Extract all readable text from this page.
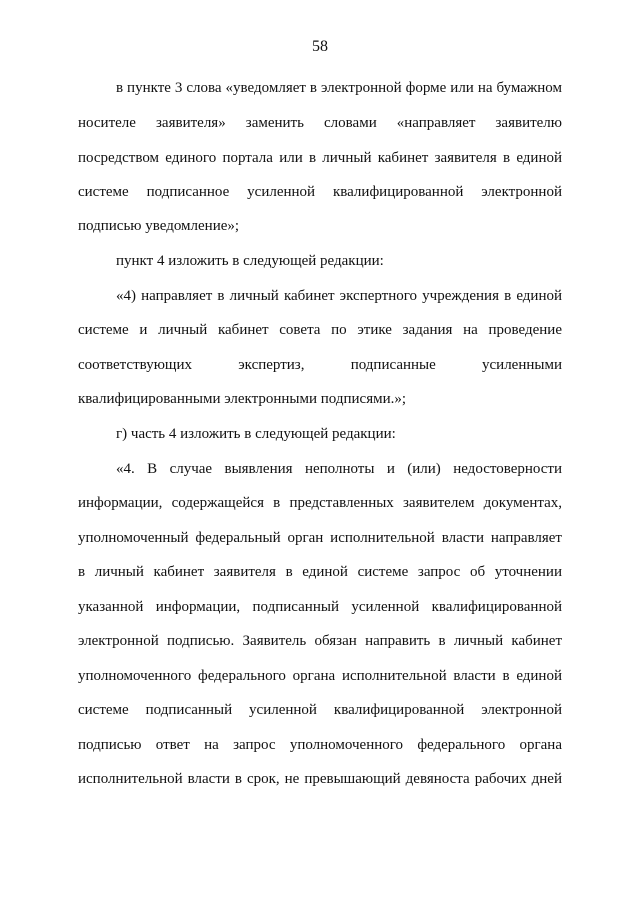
58
в пункте 3 слова «уведомляет в электронной форме или на бумажном
носителе заявителя» заменить словами «направляет заявителю
посредством единого портала или в личный кабинет заявителя в единой
системе подписанное усиленной квалифицированной электронной
подписью уведомление»;
пункт 4 изложить в следующей редакции:
«4) направляет в личный кабинет экспертного учреждения в единой
системе и личный кабинет совета по этике задания на проведение
соответствующих экспертиз, подписанные усиленными
квалифицированными электронными подписями.»;
г) часть 4 изложить в следующей редакции:
«4. В случае выявления неполноты и (или) недостоверности
информации, содержащейся в представленных заявителем документах,
уполномоченный федеральный орган исполнительной власти направляет
в личный кабинет заявителя в единой системе запрос об уточнении
указанной информации, подписанный усиленной квалифицированной
электронной подписью. Заявитель обязан направить в личный кабинет
уполномоченного федерального органа исполнительной власти в единой
системе подписанный усиленной квалифицированной электронной
подписью ответ на запрос уполномоченного федерального органа
исполнительной власти в срок, не превышающий девяноста рабочих дней
